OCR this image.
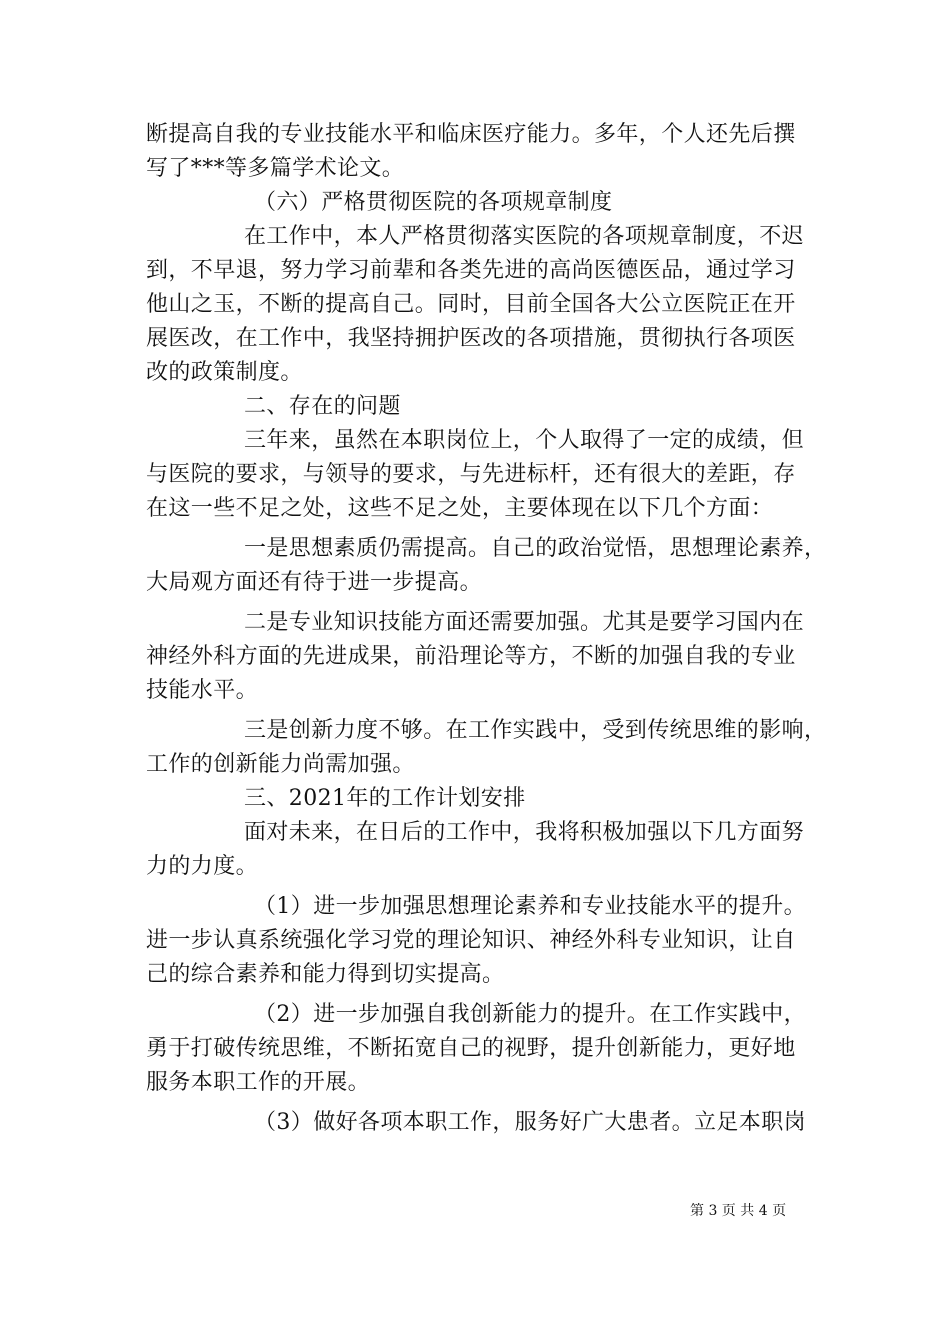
断提高自我的专业技能水平和临床医疗能力。多年，个人还先后撰
写了***等多篇学术论文。
（六）严格贯彻医院的各项规章制度
在工作中，本人严格贯彻落实医院的各项规章制度，不迟
到，不早退，努力学习前辈和各类先进的高尚医德医品，通过学习
他山之玉，不断的提高自己。同时，目前全国各大公立医院正在开
展医改，在工作中，我坚持拥护医改的各项措施，贯彻执行各项医
改的政策制度。
二、存在的问题
三年来，虽然在本职岗位上，个人取得了一定的成绩，但
与医院的要求，与领导的要求，与先进标杆，还有很大的差距，存
在这一些不足之处，这些不足之处，主要体现在以下几个方面：
一是思想素质仍需提高。自己的政治觉悟，思想理论素养，
大局观方面还有待于进一步提高。
二是专业知识技能方面还需要加强。尤其是要学习国内在
神经外科方面的先进成果，前沿理论等方，不断的加强自我的专业
技能水平。
三是创新力度不够。在工作实践中，受到传统思维的影响，
工作的创新能力尚需加强。
三、2021年的工作计划安排
面对未来，在日后的工作中，我将积极加强以下几方面努
力的力度。
（1）进一步加强思想理论素养和专业技能水平的提升。
进一步认真系统强化学习党的理论知识、神经外科专业知识，让自
己的综合素养和能力得到切实提高。
（2）进一步加强自我创新能力的提升。在工作实践中，
勇于打破传统思维，不断拓宽自己的视野，提升创新能力，更好地
服务本职工作的开展。
（3）做好各项本职工作，服务好广大患者。立足本职岗
第 3 页 共 4 页
